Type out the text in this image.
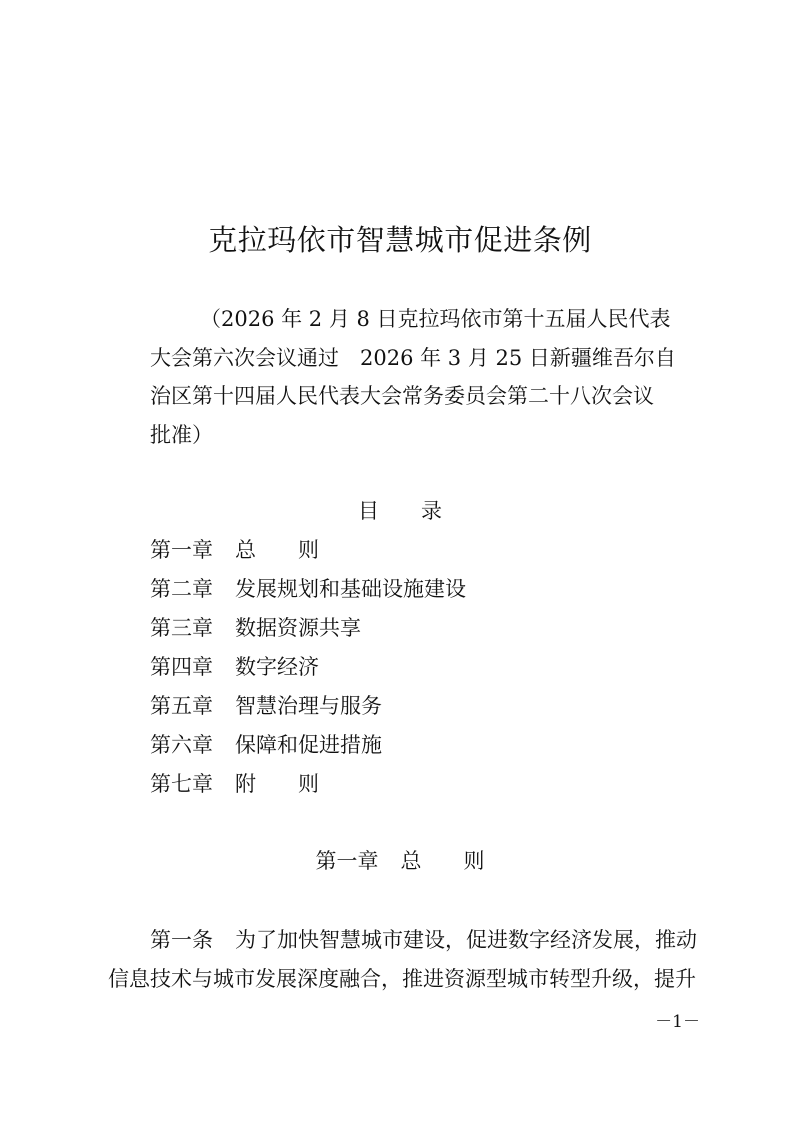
克拉玛依市智慧城市促进条例
（2026 年 2 月 8 日克拉玛依市第十五届人民代表
大会第六次会议通过　2026 年 3 月 25 日新疆维吾尔自
治区第十四届人民代表大会常务委员会第二十八次会议
批准）
目 录
第一章 总　　则
第二章 发展规划和基础设施建设
第三章 数据资源共享
第四章 数字经济
第五章 智慧治理与服务
第六章 保障和促进措施
第七章 附　　则
第一章 总　　则
第一条 为了加快智慧城市建设，促进数字经济发展，推动
信息技术与城市发展深度融合，推进资源型城市转型升级，提升
－1－
